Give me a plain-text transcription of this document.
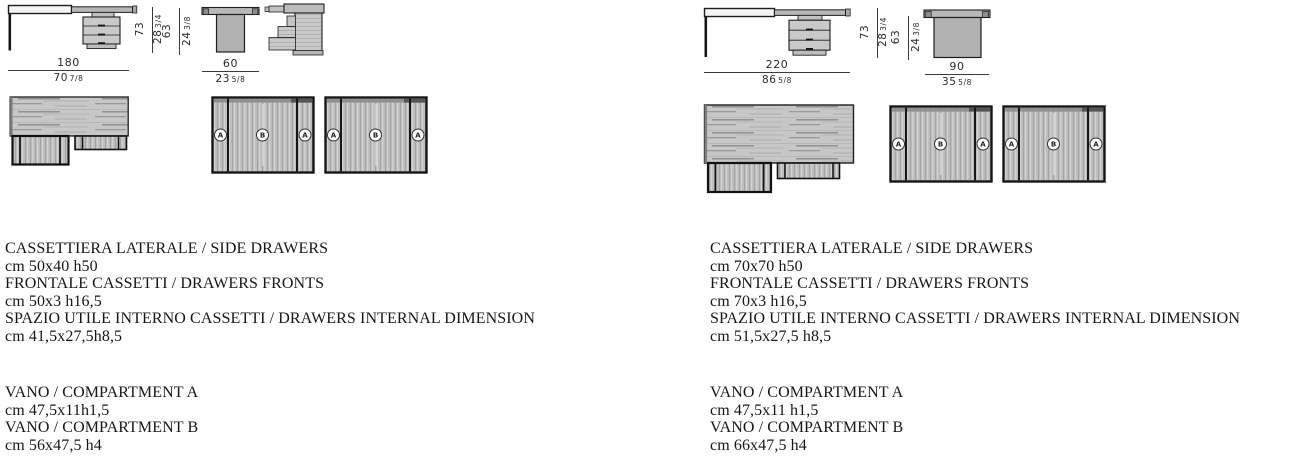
73
283/4
63
243/8
180
70 7/8
60
23 5/8
A	B	A	A	B	A
CASSETTIERA LATERALE / SIDE DRAWERS
cm 50x40 h50
FRONTALE CASSETTI / DRAWERS FRONTS
cm 50x3 h16,5
SPAZIO UTILE INTERNO CASSETTI / DRAWERS INTERNAL DIMENSION
cm 41,5x27,5h8,5
VANO / COMPARTMENT A
cm 47,5x11h1,5
VANO / COMPARTMENT B
cm 56x47,5 h4
73
283/4
63
243/8
220
86 5/8
90
35 5/8
A	B	A	A	B	A
CASSETTIERA LATERALE / SIDE DRAWERS
cm 70x70 h50
FRONTALE CASSETTI / DRAWERS FRONTS
cm 70x3 h16,5
SPAZIO UTILE INTERNO CASSETTI / DRAWERS INTERNAL DIMENSION
cm 51,5x27,5 h8,5
VANO / COMPARTMENT A
cm 47,5x11 h1,5
VANO / COMPARTMENT B
cm 66x47,5 h4
